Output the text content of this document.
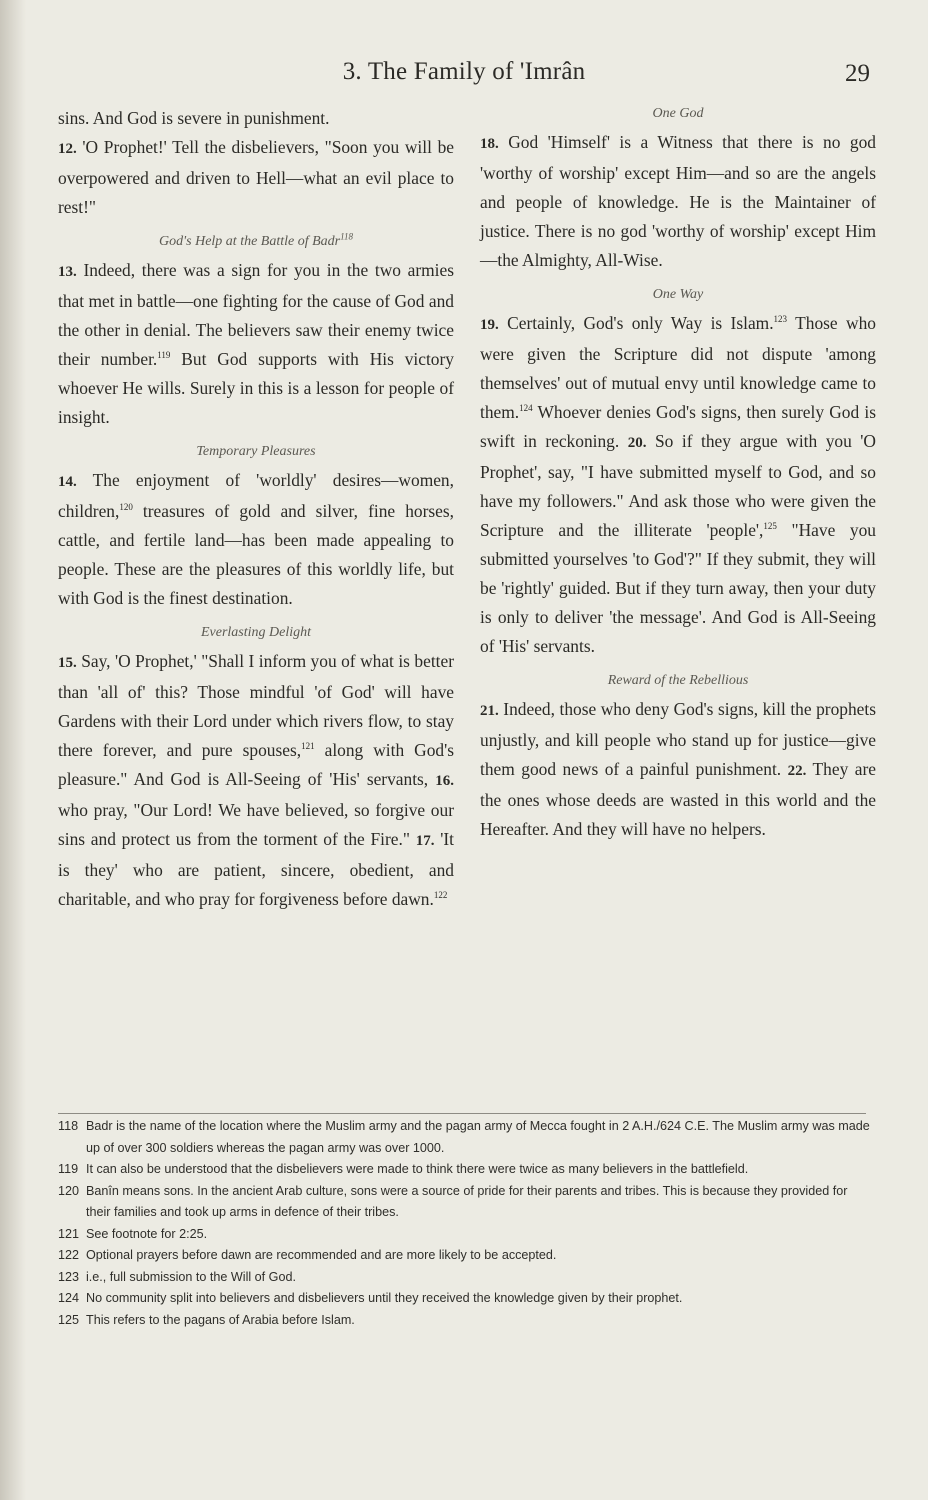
3. The Family of 'Imrân	29

sins. And God is severe in punishment.
12. 'O Prophet!' Tell the disbelievers, "Soon you will be overpowered and driven to Hell—what an evil place to rest!"

God's Help at the Battle of Badr$^{118}$

13. Indeed, there was a sign for you in the two armies that met in battle—one fighting for the cause of God and the other in denial. The believers saw their enemy twice their number.$^{119}$ But God supports with His victory whoever He wills. Surely in this is a lesson for people of insight.

Temporary Pleasures

14. The enjoyment of 'worldly' desires—women, children,$^{120}$ treasures of gold and silver, fine horses, cattle, and fertile land—has been made appealing to people. These are the pleasures of this worldly life, but with God is the finest destination.

Everlasting Delight

15. Say, 'O Prophet,' "Shall I inform you of what is better than 'all of' this? Those mindful 'of God' will have Gardens with their Lord under which rivers flow, to stay there forever, and pure spouses,$^{121}$ along with God's pleasure." And God is All-Seeing of 'His' servants, 16. who pray, "Our Lord! We have believed, so forgive our sins and protect us from the torment of the Fire." 17. 'It is they' who are patient, sincere, obedient, and charitable, and who pray for forgiveness before dawn.$^{122}$

One God

18. God 'Himself' is a Witness that there is no god 'worthy of worship' except Him—and so are the angels and people of knowledge. He is the Maintainer of justice. There is no god 'worthy of worship' except Him—the Almighty, All-Wise.

One Way

19. Certainly, God's only Way is Islam.$^{123}$ Those who were given the Scripture did not dispute 'among themselves' out of mutual envy until knowledge came to them.$^{124}$ Whoever denies God's signs, then surely God is swift in reckoning. 20. So if they argue with you 'O Prophet', say, "I have submitted myself to God, and so have my followers." And ask those who were given the Scripture and the illiterate 'people',$^{125}$ "Have you submitted yourselves 'to God'?" If they submit, they will be 'rightly' guided. But if they turn away, then your duty is only to deliver 'the message'. And God is All-Seeing of 'His' servants.

Reward of the Rebellious

21. Indeed, those who deny God's signs, kill the prophets unjustly, and kill people who stand up for justice—give them good news of a painful punishment. 22. They are the ones whose deeds are wasted in this world and the Hereafter. And they will have no helpers.

118 Badr is the name of the location where the Muslim army and the pagan army of Mecca fought in 2 A.H./624 C.E. The Muslim army was made up of over 300 soldiers whereas the pagan army was over 1000.
119 It can also be understood that the disbelievers were made to think there were twice as many believers in the battlefield.
120 Banîn means sons. In the ancient Arab culture, sons were a source of pride for their parents and tribes. This is because they provided for their families and took up arms in defence of their tribes.
121 See footnote for 2:25.
122 Optional prayers before dawn are recommended and are more likely to be accepted.
123 i.e., full submission to the Will of God.
124 No community split into believers and disbelievers until they received the knowledge given by their prophet.
125 This refers to the pagans of Arabia before Islam.
